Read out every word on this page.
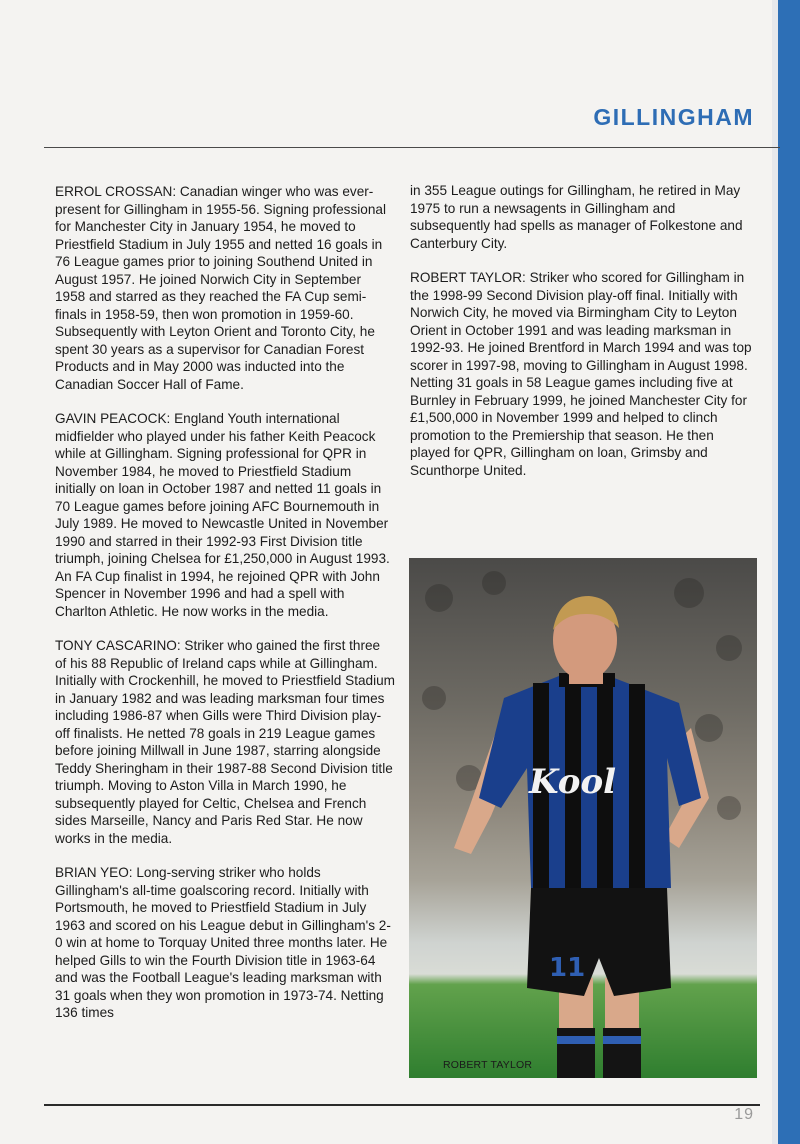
GILLINGHAM

ERROL CROSSAN: Canadian winger who was ever-present for Gillingham in 1955-56. Signing professional for Manchester City in January 1954, he moved to Priestfield Stadium in July 1955 and netted 16 goals in 76 League games prior to joining Southend United in August 1957. He joined Norwich City in September 1958 and starred as they reached the FA Cup semi-finals in 1958-59, then won promotion in 1959-60. Subsequently with Leyton Orient and Toronto City, he spent 30 years as a supervisor for Canadian Forest Products and in May 2000 was inducted into the Canadian Soccer Hall of Fame.

GAVIN PEACOCK: England Youth international midfielder who played under his father Keith Peacock while at Gillingham. Signing professional for QPR in November 1984, he moved to Priestfield Stadium initially on loan in October 1987 and netted 11 goals in 70 League games before joining AFC Bournemouth in July 1989. He moved to Newcastle United in November 1990 and starred in their 1992-93 First Division title triumph, joining Chelsea for £1,250,000 in August 1993. An FA Cup finalist in 1994, he rejoined QPR with John Spencer in November 1996 and had a spell with Charlton Athletic. He now works in the media.

TONY CASCARINO: Striker who gained the first three of his 88 Republic of Ireland caps while at Gillingham. Initially with Crockenhill, he moved to Priestfield Stadium in January 1982 and was leading marksman four times including 1986-87 when Gills were Third Division play-off finalists. He netted 78 goals in 219 League games before joining Millwall in June 1987, starring alongside Teddy Sheringham in their 1987-88 Second Division title triumph. Moving to Aston Villa in March 1990, he subsequently played for Celtic, Chelsea and French sides Marseille, Nancy and Paris Red Star. He now works in the media.

BRIAN YEO: Long-serving striker who holds Gillingham's all-time goalscoring record. Initially with Portsmouth, he moved to Priestfield Stadium in July 1963 and scored on his League debut in Gillingham's 2-0 win at home to Torquay United three months later. He helped Gills to win the Fourth Division title in 1963-64 and was the Football League's leading marksman with 31 goals when they won promotion in 1973-74. Netting 136 times

in 355 League outings for Gillingham, he retired in May 1975 to run a newsagents in Gillingham and subsequently had spells as manager of Folkestone and Canterbury City.

ROBERT TAYLOR: Striker who scored for Gillingham in the 1998-99 Second Division play-off final. Initially with Norwich City, he moved via Birmingham City to Leyton Orient in October 1991 and was leading marksman in 1992-93. He joined Brentford in March 1994 and was top scorer in 1997-98, moving to Gillingham in August 1998. Netting 31 goals in 58 League games including five at Burnley in February 1999, he joined Manchester City for £1,500,000 in November 1999 and helped to clinch promotion to the Premiership that season. He then played for QPR, Gillingham on loan, Grimsby and Scunthorpe United.

11
Kool
ROBERT TAYLOR
19
